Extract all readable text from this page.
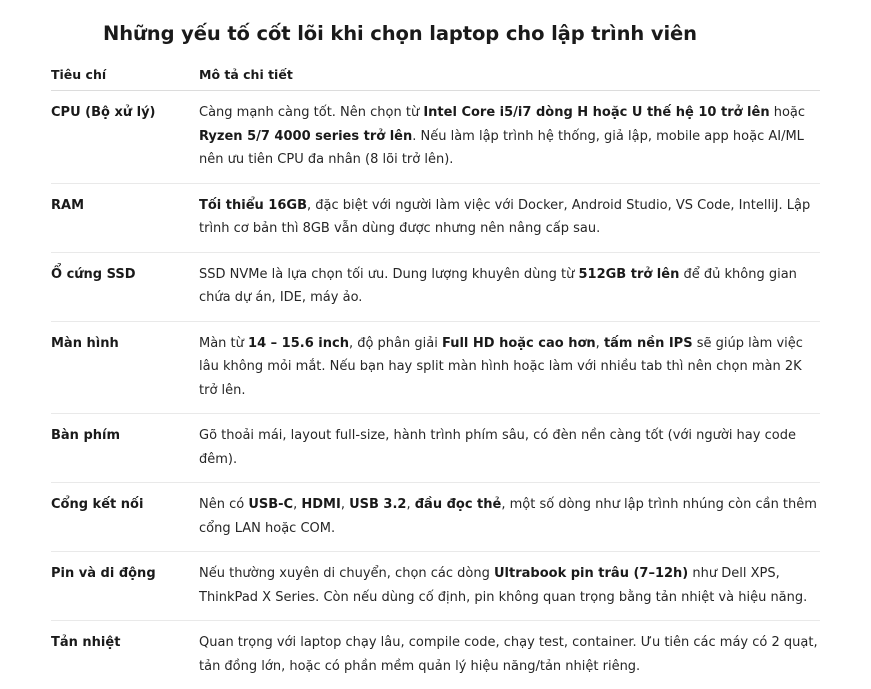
Những yếu tố cốt lõi khi chọn laptop cho lập trình viên
Tiêu chí	Mô tả chi tiết
CPU (Bộ xử lý)	Càng mạnh càng tốt. Nên chọn từ Intel Core i5/i7 dòng H hoặc U thế hệ 10 trở lên hoặc Ryzen 5/7 4000 series trở lên. Nếu làm lập trình hệ thống, giả lập, mobile app hoặc AI/ML nên ưu tiên CPU đa nhân (8 lõi trở lên).
RAM	Tối thiểu 16GB, đặc biệt với người làm việc với Docker, Android Studio, VS Code, IntelliJ. Lập trình cơ bản thì 8GB vẫn dùng được nhưng nên nâng cấp sau.
Ổ cứng SSD	SSD NVMe là lựa chọn tối ưu. Dung lượng khuyên dùng từ 512GB trở lên để đủ không gian chứa dự án, IDE, máy ảo.
Màn hình	Màn từ 14 – 15.6 inch, độ phân giải Full HD hoặc cao hơn, tấm nền IPS sẽ giúp làm việc lâu không mỏi mắt. Nếu bạn hay split màn hình hoặc làm với nhiều tab thì nên chọn màn 2K trở lên.
Bàn phím	Gõ thoải mái, layout full-size, hành trình phím sâu, có đèn nền càng tốt (với người hay code đêm).
Cổng kết nối	Nên có USB-C, HDMI, USB 3.2, đầu đọc thẻ, một số dòng như lập trình nhúng còn cần thêm cổng LAN hoặc COM.
Pin và di động	Nếu thường xuyên di chuyển, chọn các dòng Ultrabook pin trâu (7–12h) như Dell XPS, ThinkPad X Series. Còn nếu dùng cố định, pin không quan trọng bằng tản nhiệt và hiệu năng.
Tản nhiệt	Quan trọng với laptop chạy lâu, compile code, chạy test, container. Ưu tiên các máy có 2 quạt, tản đồng lớn, hoặc có phần mềm quản lý hiệu năng/tản nhiệt riêng.
